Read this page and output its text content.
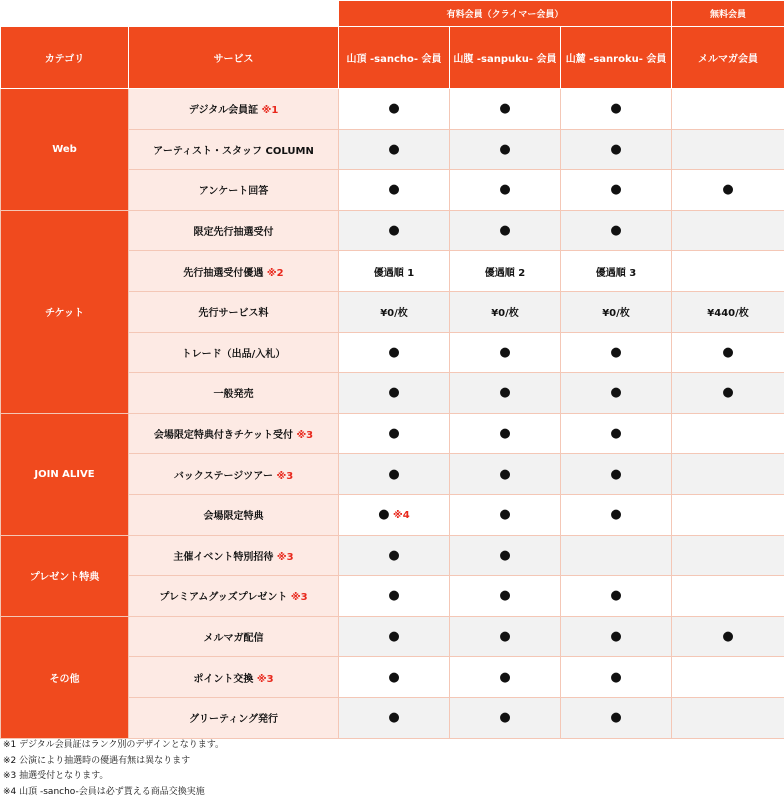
		有料会員（クライマー会員）			無料会員
カテゴリ	サービス	山頂 -sancho- 会員	山腹 -sanpuku- 会員	山麓 -sanroku- 会員	メルマガ会員
Web	デジタル会員証 ※1	●	●	●	
	アーティスト・スタッフ COLUMN	●	●	●	
	アンケート回答	●	●	●	●
チケット	限定先行抽選受付	●	●	●	
	先行抽選受付優遇 ※2	優遇順 1	優遇順 2	優遇順 3	
	先行サービス料	¥0/枚	¥0/枚	¥0/枚	¥440/枚
	トレード（出品/入札）	●	●	●	●
	一般発売	●	●	●	●
JOIN ALIVE	会場限定特典付きチケット受付 ※3	●	●	●	
	バックステージツアー ※3	●	●	●	
	会場限定特典	● ※4	●	●	
プレゼント特典	主催イベント特別招待 ※3	●	●		
	プレミアムグッズプレゼント ※3	●	●	●	
その他	メルマガ配信	●	●	●	●
	ポイント交換 ※3	●	●	●	
	グリーティング発行	●	●	●	
※1 デジタル会員証はランク別のデザインとなります。
※2 公演により抽選時の優遇有無は異なります
※3 抽選受付となります。
※4 山頂 -sancho-会員は必ず貰える商品交換実施
